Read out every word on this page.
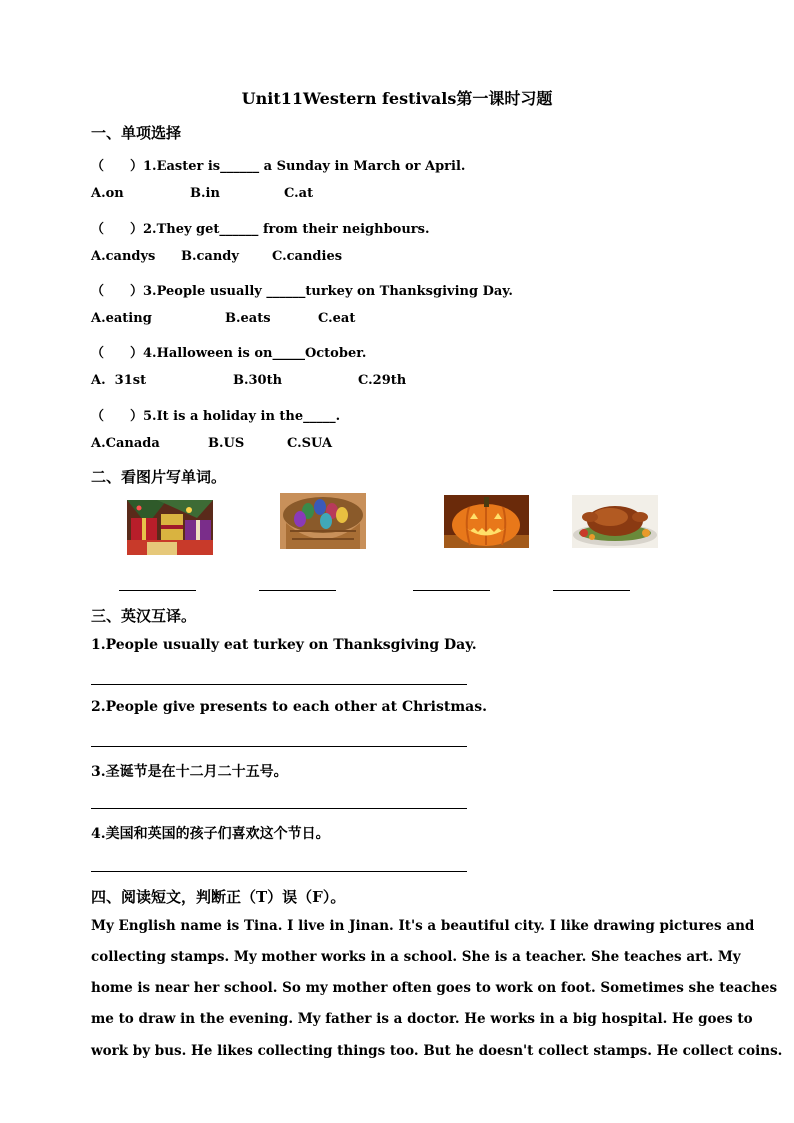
Unit11Western festivals第一课时习题
一、单项选择
（　　）1.Easter is______ a Sunday in March or April.
A.on	B.in	C.at
（　　）2.They get______ from their neighbours.
A.candys B.candy	C.candies
（　　）3.People usually ______turkey on Thanksgiving Day.
A.eating	B.eats	C.eat
（　　）4.Halloween is on_____October.
A.  31st	B.30th	C.29th
（　　）5.It is a holiday in the_____.
A.Canada	B.US	C.SUA
二、看图片写单词。
三、英汉互译。
1.People usually eat turkey on Thanksgiving Day.
2.People give presents to each other at Christmas.
3.圣诞节是在十二月二十五号。
4.美国和英国的孩子们喜欢这个节日。
四、阅读短文，判断正（T）误（F）。
My English name is Tina. I live in Jinan. It's a beautiful city. I like drawing pictures and
collecting stamps. My mother works in a school. She is a teacher. She teaches art. My
home is near her school. So my mother often goes to work on foot. Sometimes she teaches
me to draw in the evening. My father is a doctor. He works in a big hospital. He goes to
work by bus. He likes collecting things too. But he doesn't collect stamps. He collect coins.
